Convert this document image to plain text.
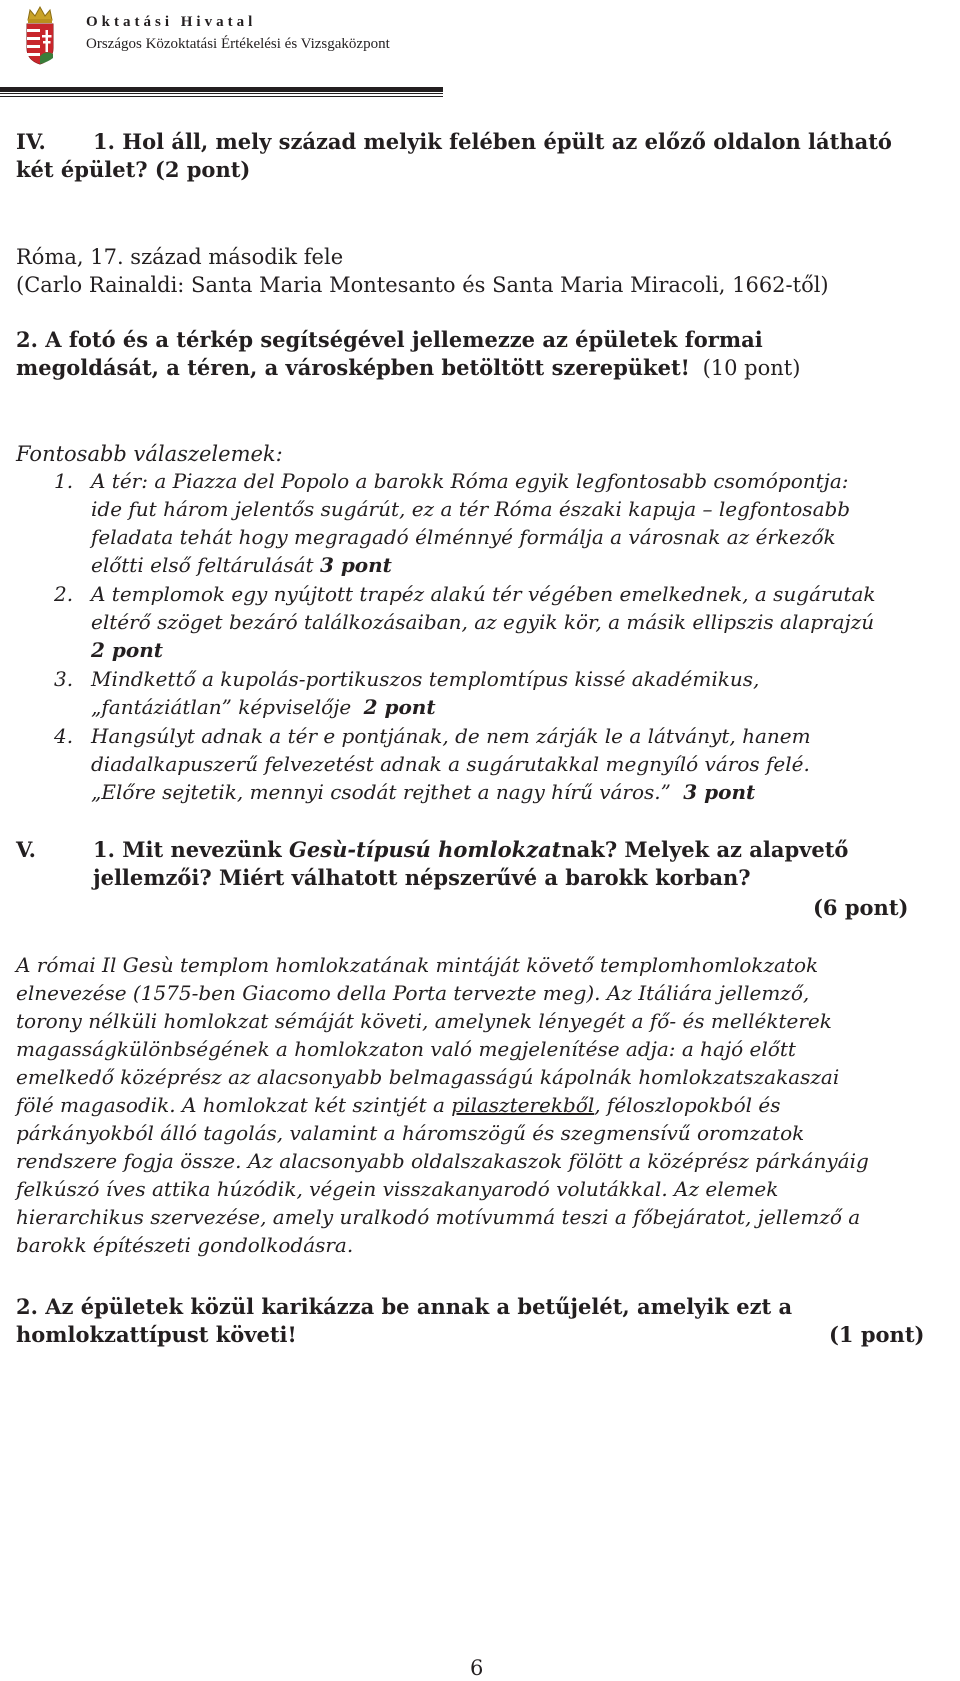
Oktatási Hivatal
Országos Közoktatási Értékelési és Vizsgaközpont
IV. 1. Hol áll, mely század melyik felében épült az előző oldalon látható
két épület? (2 pont)
Róma, 17. század második fele
(Carlo Rainaldi: Santa Maria Montesanto és Santa Maria Miracoli, 1662-től)
2. A fotó és a térkép segítségével jellemezze az épületek formai
megoldását, a téren, a városképben betöltött szerepüket! (10 pont)
Fontosabb válaszelemek:
1. A tér: a Piazza del Popolo a barokk Róma egyik legfontosabb csomópontja:
ide fut három jelentős sugárút, ez a tér Róma északi kapuja – legfontosabb
feladata tehát hogy megragadó élménnyé formálja a városnak az érkezők
előtti első feltárulását 3 pont
2. A templomok egy nyújtott trapéz alakú tér végében emelkednek, a sugárutak
eltérő szöget bezáró találkozásaiban, az egyik kör, a másik ellipszis alaprajzú
2 pont
3. Mindkettő a kupolás-portikuszos templomtípus kissé akadémikus,
„fantáziátlan” képviselője 2 pont
4. Hangsúlyt adnak a tér e pontjának, de nem zárják le a látványt, hanem
diadalkapuszerű felvezetést adnak a sugárutakkal megnyíló város felé.
„Előre sejtetik, mennyi csodát rejthet a nagy hírű város.” 3 pont
V.	1. Mit nevezünk Gesù-típusú homlokzatnak? Melyek az alapvető
jellemzői? Miért válhatott népszerűvé a barokk korban?
(6 pont)
A római Il Gesù templom homlokzatának mintáját követő templomhomlokzatok
elnevezése (1575-ben Giacomo della Porta tervezte meg). Az Itáliára jellemző,
torony nélküli homlokzat sémáját követi, amelynek lényegét a fő- és mellékterek
magasságkülönbségének a homlokzaton való megjelenítése adja: a hajó előtt
emelkedő középrész az alacsonyabb belmagasságú kápolnák homlokzatszakaszai
fölé magasodik. A homlokzat két szintjét a pilaszterekből, féloszlopokból és
párkányokból álló tagolás, valamint a háromszögű és szegmensívű oromzatok
rendszere fogja össze. Az alacsonyabb oldalszakaszok fölött a középrész párkányáig
felkúszó íves attika húzódik, végein visszakanyarodó volutákkal. Az elemek
hierarchikus szervezése, amely uralkodó motívummá teszi a főbejáratot, jellemző a
barokk építészeti gondolkodásra.
2. Az épületek közül karikázza be annak a betűjelét, amelyik ezt a
homlokzattípust követi!	(1 pont)
6
